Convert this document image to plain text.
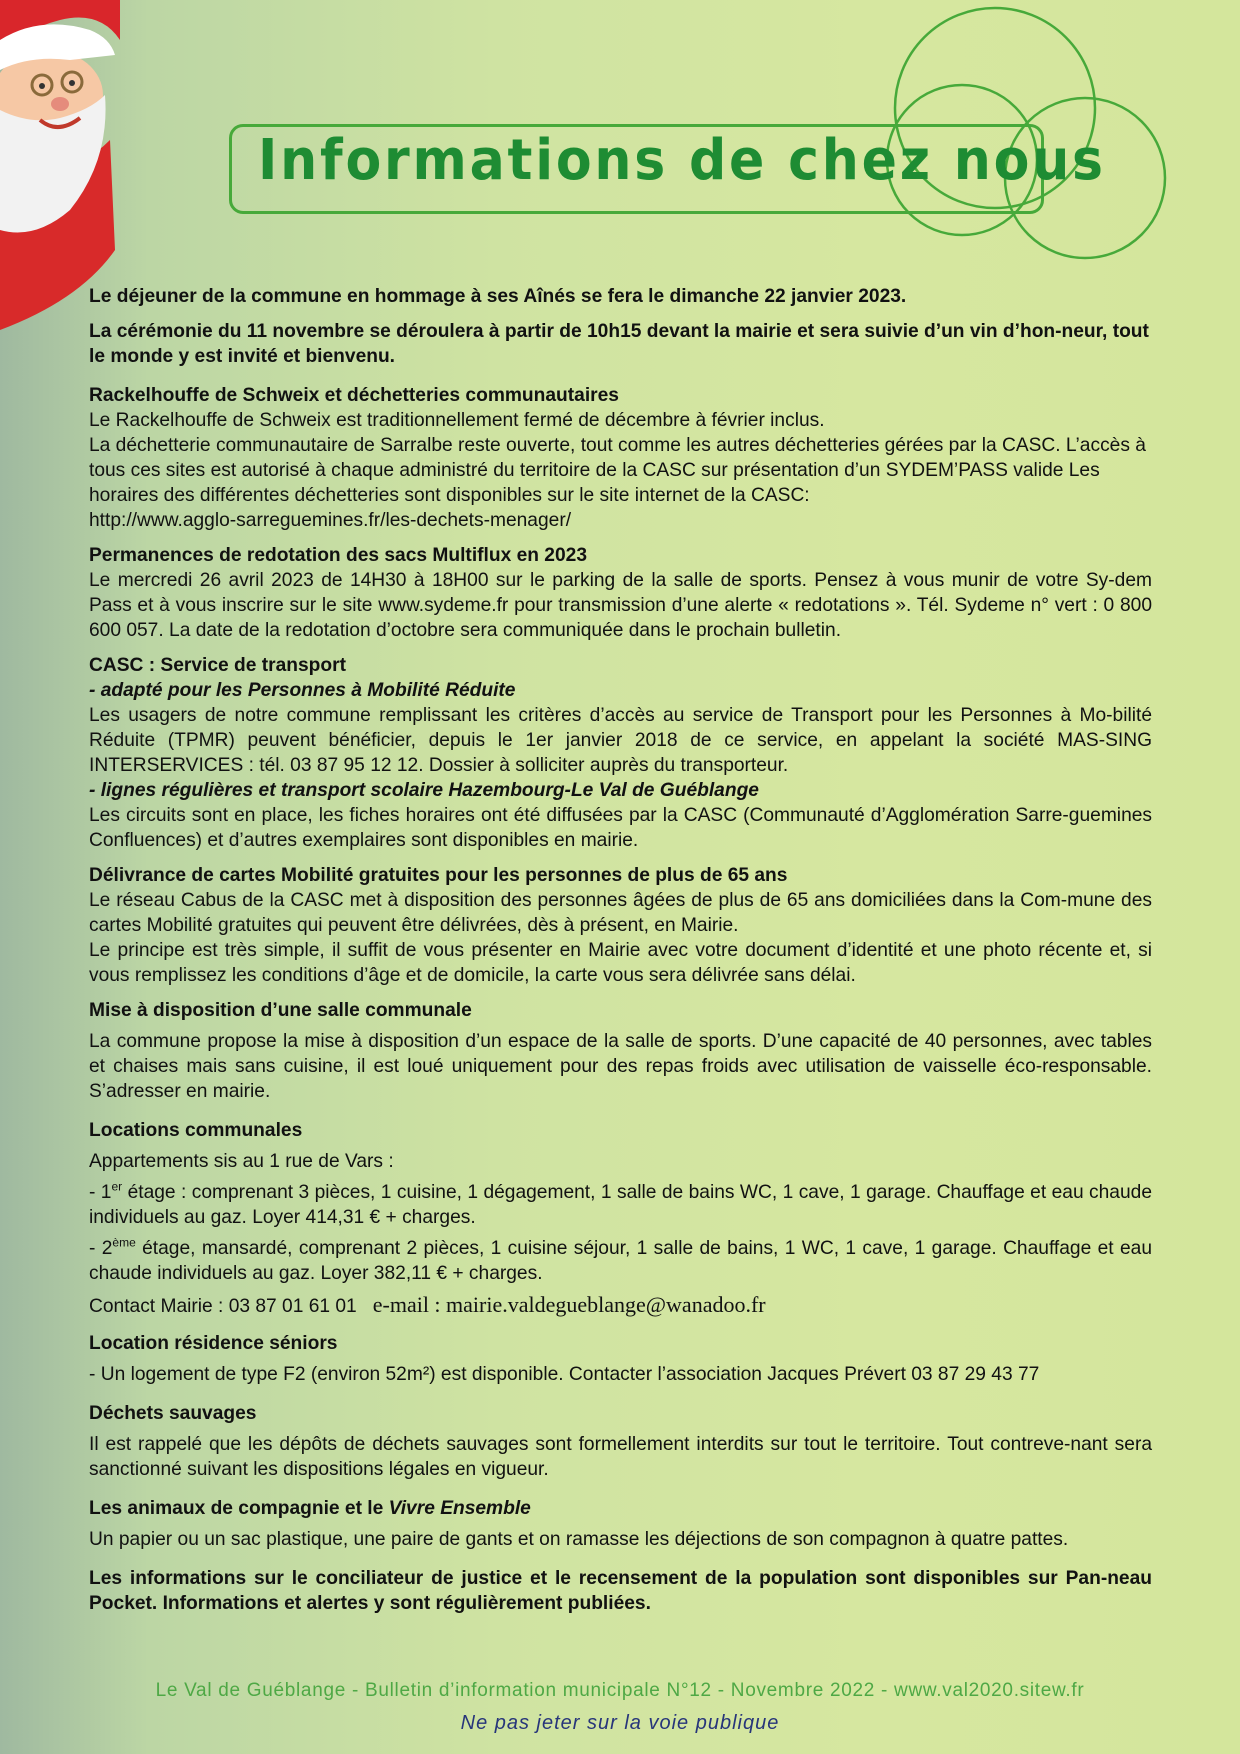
Informations de chez nous

Le déjeuner de la commune en hommage à ses Aînés se fera le dimanche 22 janvier 2023.

La cérémonie du 11 novembre se déroulera à partir de 10h15 devant la mairie et sera suivie d’un vin d’hon-neur, tout le monde y est invité et bienvenu.

Rackelhouffe de Schweix et déchetteries communautaires
Le Rackelhouffe de Schweix est traditionnellement fermé de décembre à février inclus.
La déchetterie communautaire de Sarralbe reste ouverte, tout comme les autres déchetteries gérées par la CASC. L’accès à tous ces sites est autorisé à chaque administré du territoire de la CASC sur présentation d’un SYDEM’PASS valide Les horaires des différentes déchetteries sont disponibles sur le site internet de la CASC:
http://www.agglo-sarreguemines.fr/les-dechets-menager/
Permanences de redotation des sacs Multiflux en 2023
Le mercredi 26 avril 2023 de 14H30 à 18H00 sur le parking de la salle de sports. Pensez à vous munir de votre Sy-dem Pass et à vous inscrire sur le site www.sydeme.fr pour transmission d’une alerte « redotations ». Tél. Sydeme n° vert : 0 800 600 057. La date de la redotation d’octobre sera communiquée dans le prochain bulletin.
CASC : Service de transport
- adapté pour les Personnes à Mobilité Réduite
Les usagers de notre commune remplissant les critères d’accès au service de Transport pour les Personnes à Mo-bilité Réduite (TPMR) peuvent bénéficier, depuis le 1er janvier 2018 de ce service, en appelant la société MAS-SING INTERSERVICES : tél. 03 87 95 12 12. Dossier à solliciter auprès du transporteur.
- lignes régulières et transport scolaire Hazembourg-Le Val de Guéblange
Les circuits sont en place, les fiches horaires ont été diffusées par la CASC (Communauté d’Agglomération Sarre-guemines Confluences) et d’autres exemplaires sont disponibles en mairie.
Délivrance de cartes Mobilité gratuites pour les personnes de plus de 65 ans
Le réseau Cabus de la CASC met à disposition des personnes âgées de plus de 65 ans domiciliées dans la Com-mune des cartes Mobilité gratuites qui peuvent être délivrées, dès à présent, en Mairie.
Le principe est très simple, il suffit de vous présenter en Mairie avec votre document d’identité et une photo récente et, si vous remplissez les conditions d’âge et de domicile, la carte vous sera délivrée sans délai.
Mise à disposition d’une salle communale
La commune propose la mise à disposition d’un espace de la salle de sports. D’une capacité de 40 personnes, avec tables et chaises mais sans cuisine, il est loué uniquement pour des repas froids avec utilisation de vaisselle éco-responsable. S’adresser en mairie.
Locations communales
Appartements sis au 1 rue de Vars :
- 1er étage : comprenant 3 pièces, 1 cuisine, 1 dégagement, 1 salle de bains WC, 1 cave, 1 garage. Chauffage et eau chaude individuels au gaz. Loyer 414,31 € + charges.
- 2ème étage, mansardé, comprenant 2 pièces, 1 cuisine séjour, 1 salle de bains, 1 WC, 1 cave, 1 garage. Chauffage et eau chaude individuels au gaz. Loyer 382,11 € + charges.
Contact Mairie : 03 87 01 61 01 e-mail : mairie.valdegueblange@wanadoo.fr
Location résidence séniors
- Un logement de type F2 (environ 52m²) est disponible. Contacter l’association Jacques Prévert 03 87 29 43 77
Déchets sauvages
Il est rappelé que les dépôts de déchets sauvages sont formellement interdits sur tout le territoire. Tout contreve-nant sera sanctionné suivant les dispositions légales en vigueur.
Les animaux de compagnie et le Vivre Ensemble
Un papier ou un sac plastique, une paire de gants et on ramasse les déjections de son compagnon à quatre pattes.

Les informations sur le conciliateur de justice et le recensement de la population sont disponibles sur Pan-neau Pocket. Informations et alertes y sont régulièrement publiées.

Le Val de Guéblange - Bulletin d’information municipale N°12 - Novembre 2022 - www.val2020.sitew.fr
Ne pas jeter sur la voie publique
